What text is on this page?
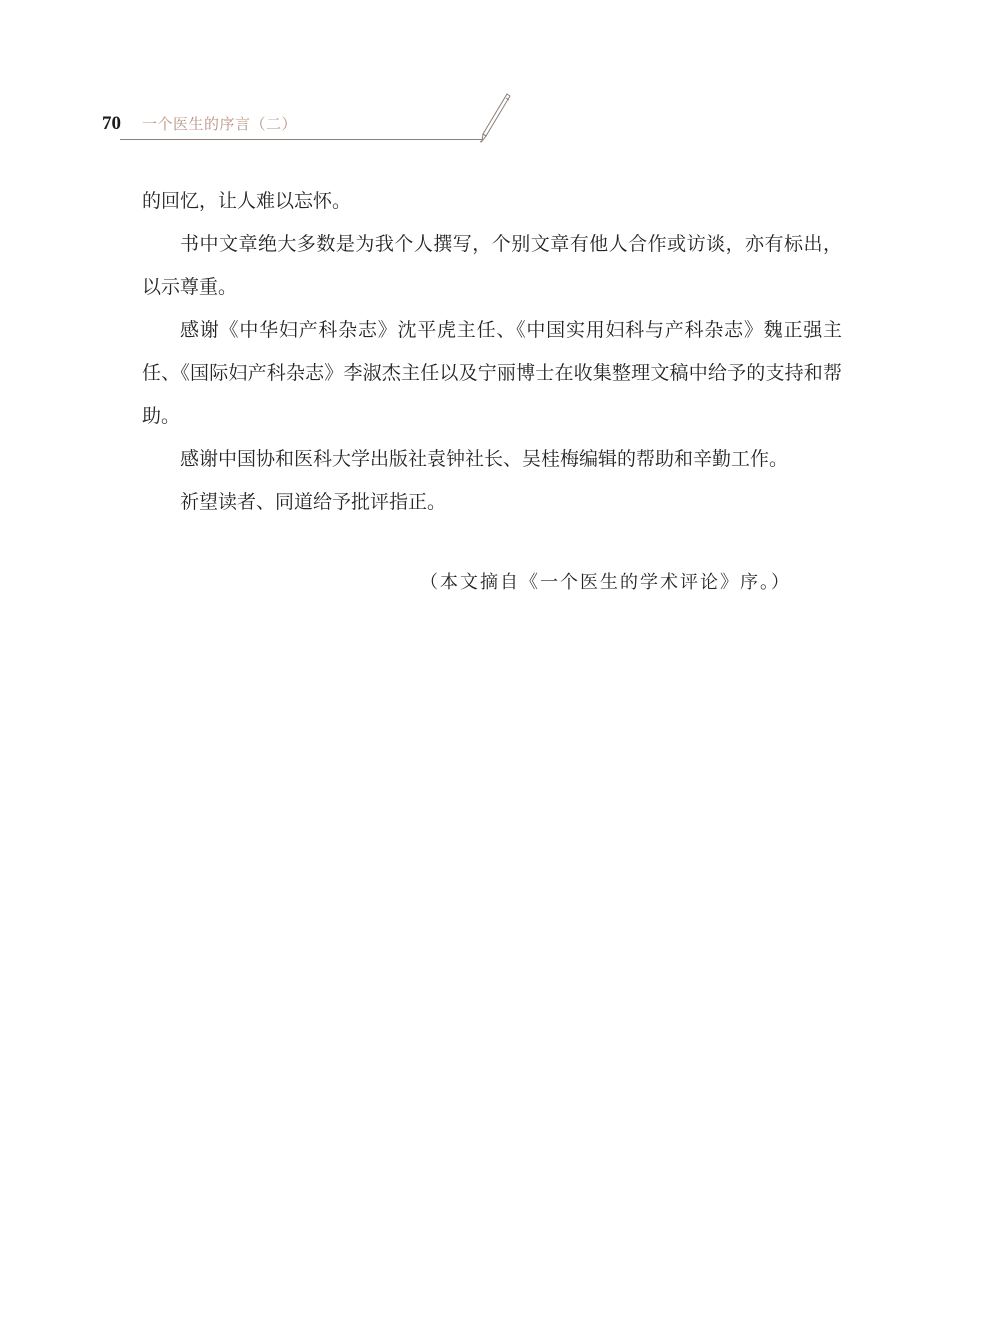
70 一个医生的序言（二）

的回忆，让人难以忘怀。

书中文章绝大多数是为我个人撰写，个别文章有他人合作或访谈，亦有标出，以示尊重。

感谢《中华妇产科杂志》沈平虎主任、《中国实用妇科与产科杂志》魏正强主任、《国际妇产科杂志》李淑杰主任以及宁丽博士在收集整理文稿中给予的支持和帮助。

感谢中国协和医科大学出版社袁钟社长、吴桂梅编辑的帮助和辛勤工作。

祈望读者、同道给予批评指正。

（本文摘自《一个医生的学术评论》序。）
